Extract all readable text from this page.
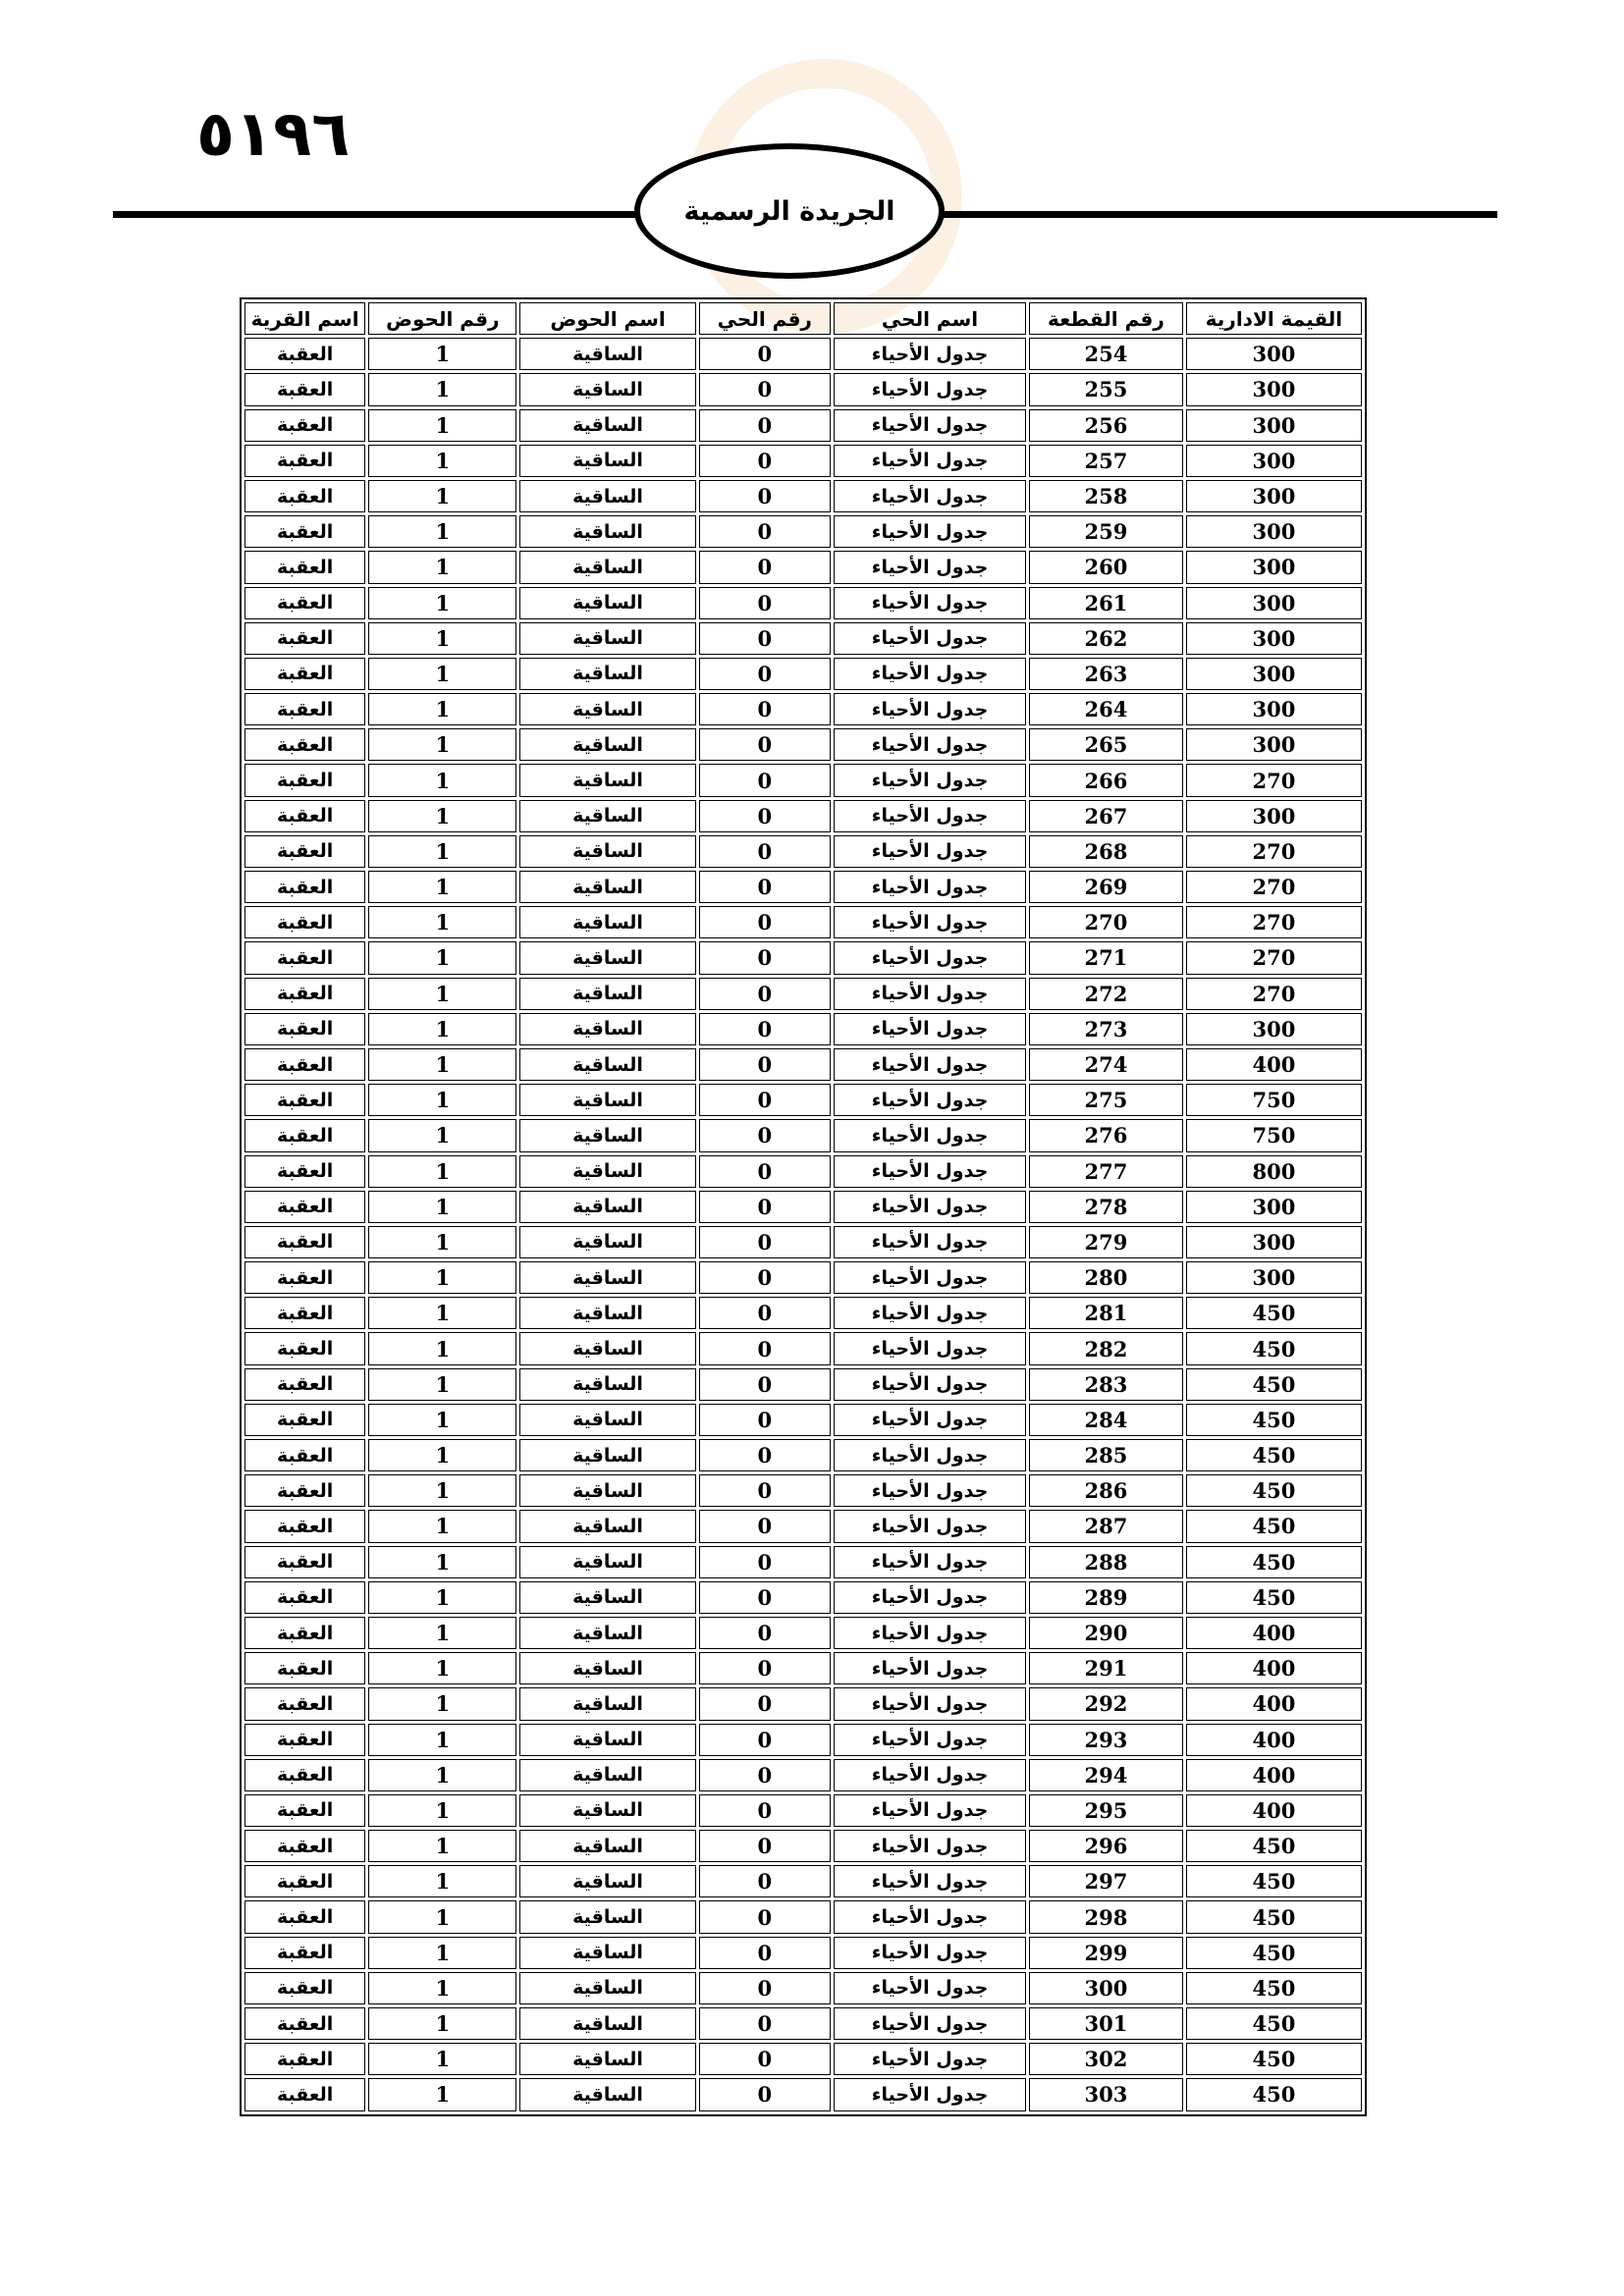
٥١٩٦
الجريدة الرسمية
القيمة الادارية	رقم القطعة	اسم الحي	رقم الحي	اسم الحوض	رقم الحوض	اسم القرية
300	254	جدول الأحياء	0	الساقية	1	العقبة
300	255	جدول الأحياء	0	الساقية	1	العقبة
300	256	جدول الأحياء	0	الساقية	1	العقبة
300	257	جدول الأحياء	0	الساقية	1	العقبة
300	258	جدول الأحياء	0	الساقية	1	العقبة
300	259	جدول الأحياء	0	الساقية	1	العقبة
300	260	جدول الأحياء	0	الساقية	1	العقبة
300	261	جدول الأحياء	0	الساقية	1	العقبة
300	262	جدول الأحياء	0	الساقية	1	العقبة
300	263	جدول الأحياء	0	الساقية	1	العقبة
300	264	جدول الأحياء	0	الساقية	1	العقبة
300	265	جدول الأحياء	0	الساقية	1	العقبة
270	266	جدول الأحياء	0	الساقية	1	العقبة
300	267	جدول الأحياء	0	الساقية	1	العقبة
270	268	جدول الأحياء	0	الساقية	1	العقبة
270	269	جدول الأحياء	0	الساقية	1	العقبة
270	270	جدول الأحياء	0	الساقية	1	العقبة
270	271	جدول الأحياء	0	الساقية	1	العقبة
270	272	جدول الأحياء	0	الساقية	1	العقبة
300	273	جدول الأحياء	0	الساقية	1	العقبة
400	274	جدول الأحياء	0	الساقية	1	العقبة
750	275	جدول الأحياء	0	الساقية	1	العقبة
750	276	جدول الأحياء	0	الساقية	1	العقبة
800	277	جدول الأحياء	0	الساقية	1	العقبة
300	278	جدول الأحياء	0	الساقية	1	العقبة
300	279	جدول الأحياء	0	الساقية	1	العقبة
300	280	جدول الأحياء	0	الساقية	1	العقبة
450	281	جدول الأحياء	0	الساقية	1	العقبة
450	282	جدول الأحياء	0	الساقية	1	العقبة
450	283	جدول الأحياء	0	الساقية	1	العقبة
450	284	جدول الأحياء	0	الساقية	1	العقبة
450	285	جدول الأحياء	0	الساقية	1	العقبة
450	286	جدول الأحياء	0	الساقية	1	العقبة
450	287	جدول الأحياء	0	الساقية	1	العقبة
450	288	جدول الأحياء	0	الساقية	1	العقبة
450	289	جدول الأحياء	0	الساقية	1	العقبة
400	290	جدول الأحياء	0	الساقية	1	العقبة
400	291	جدول الأحياء	0	الساقية	1	العقبة
400	292	جدول الأحياء	0	الساقية	1	العقبة
400	293	جدول الأحياء	0	الساقية	1	العقبة
400	294	جدول الأحياء	0	الساقية	1	العقبة
400	295	جدول الأحياء	0	الساقية	1	العقبة
450	296	جدول الأحياء	0	الساقية	1	العقبة
450	297	جدول الأحياء	0	الساقية	1	العقبة
450	298	جدول الأحياء	0	الساقية	1	العقبة
450	299	جدول الأحياء	0	الساقية	1	العقبة
450	300	جدول الأحياء	0	الساقية	1	العقبة
450	301	جدول الأحياء	0	الساقية	1	العقبة
450	302	جدول الأحياء	0	الساقية	1	العقبة
450	303	جدول الأحياء	0	الساقية	1	العقبة
